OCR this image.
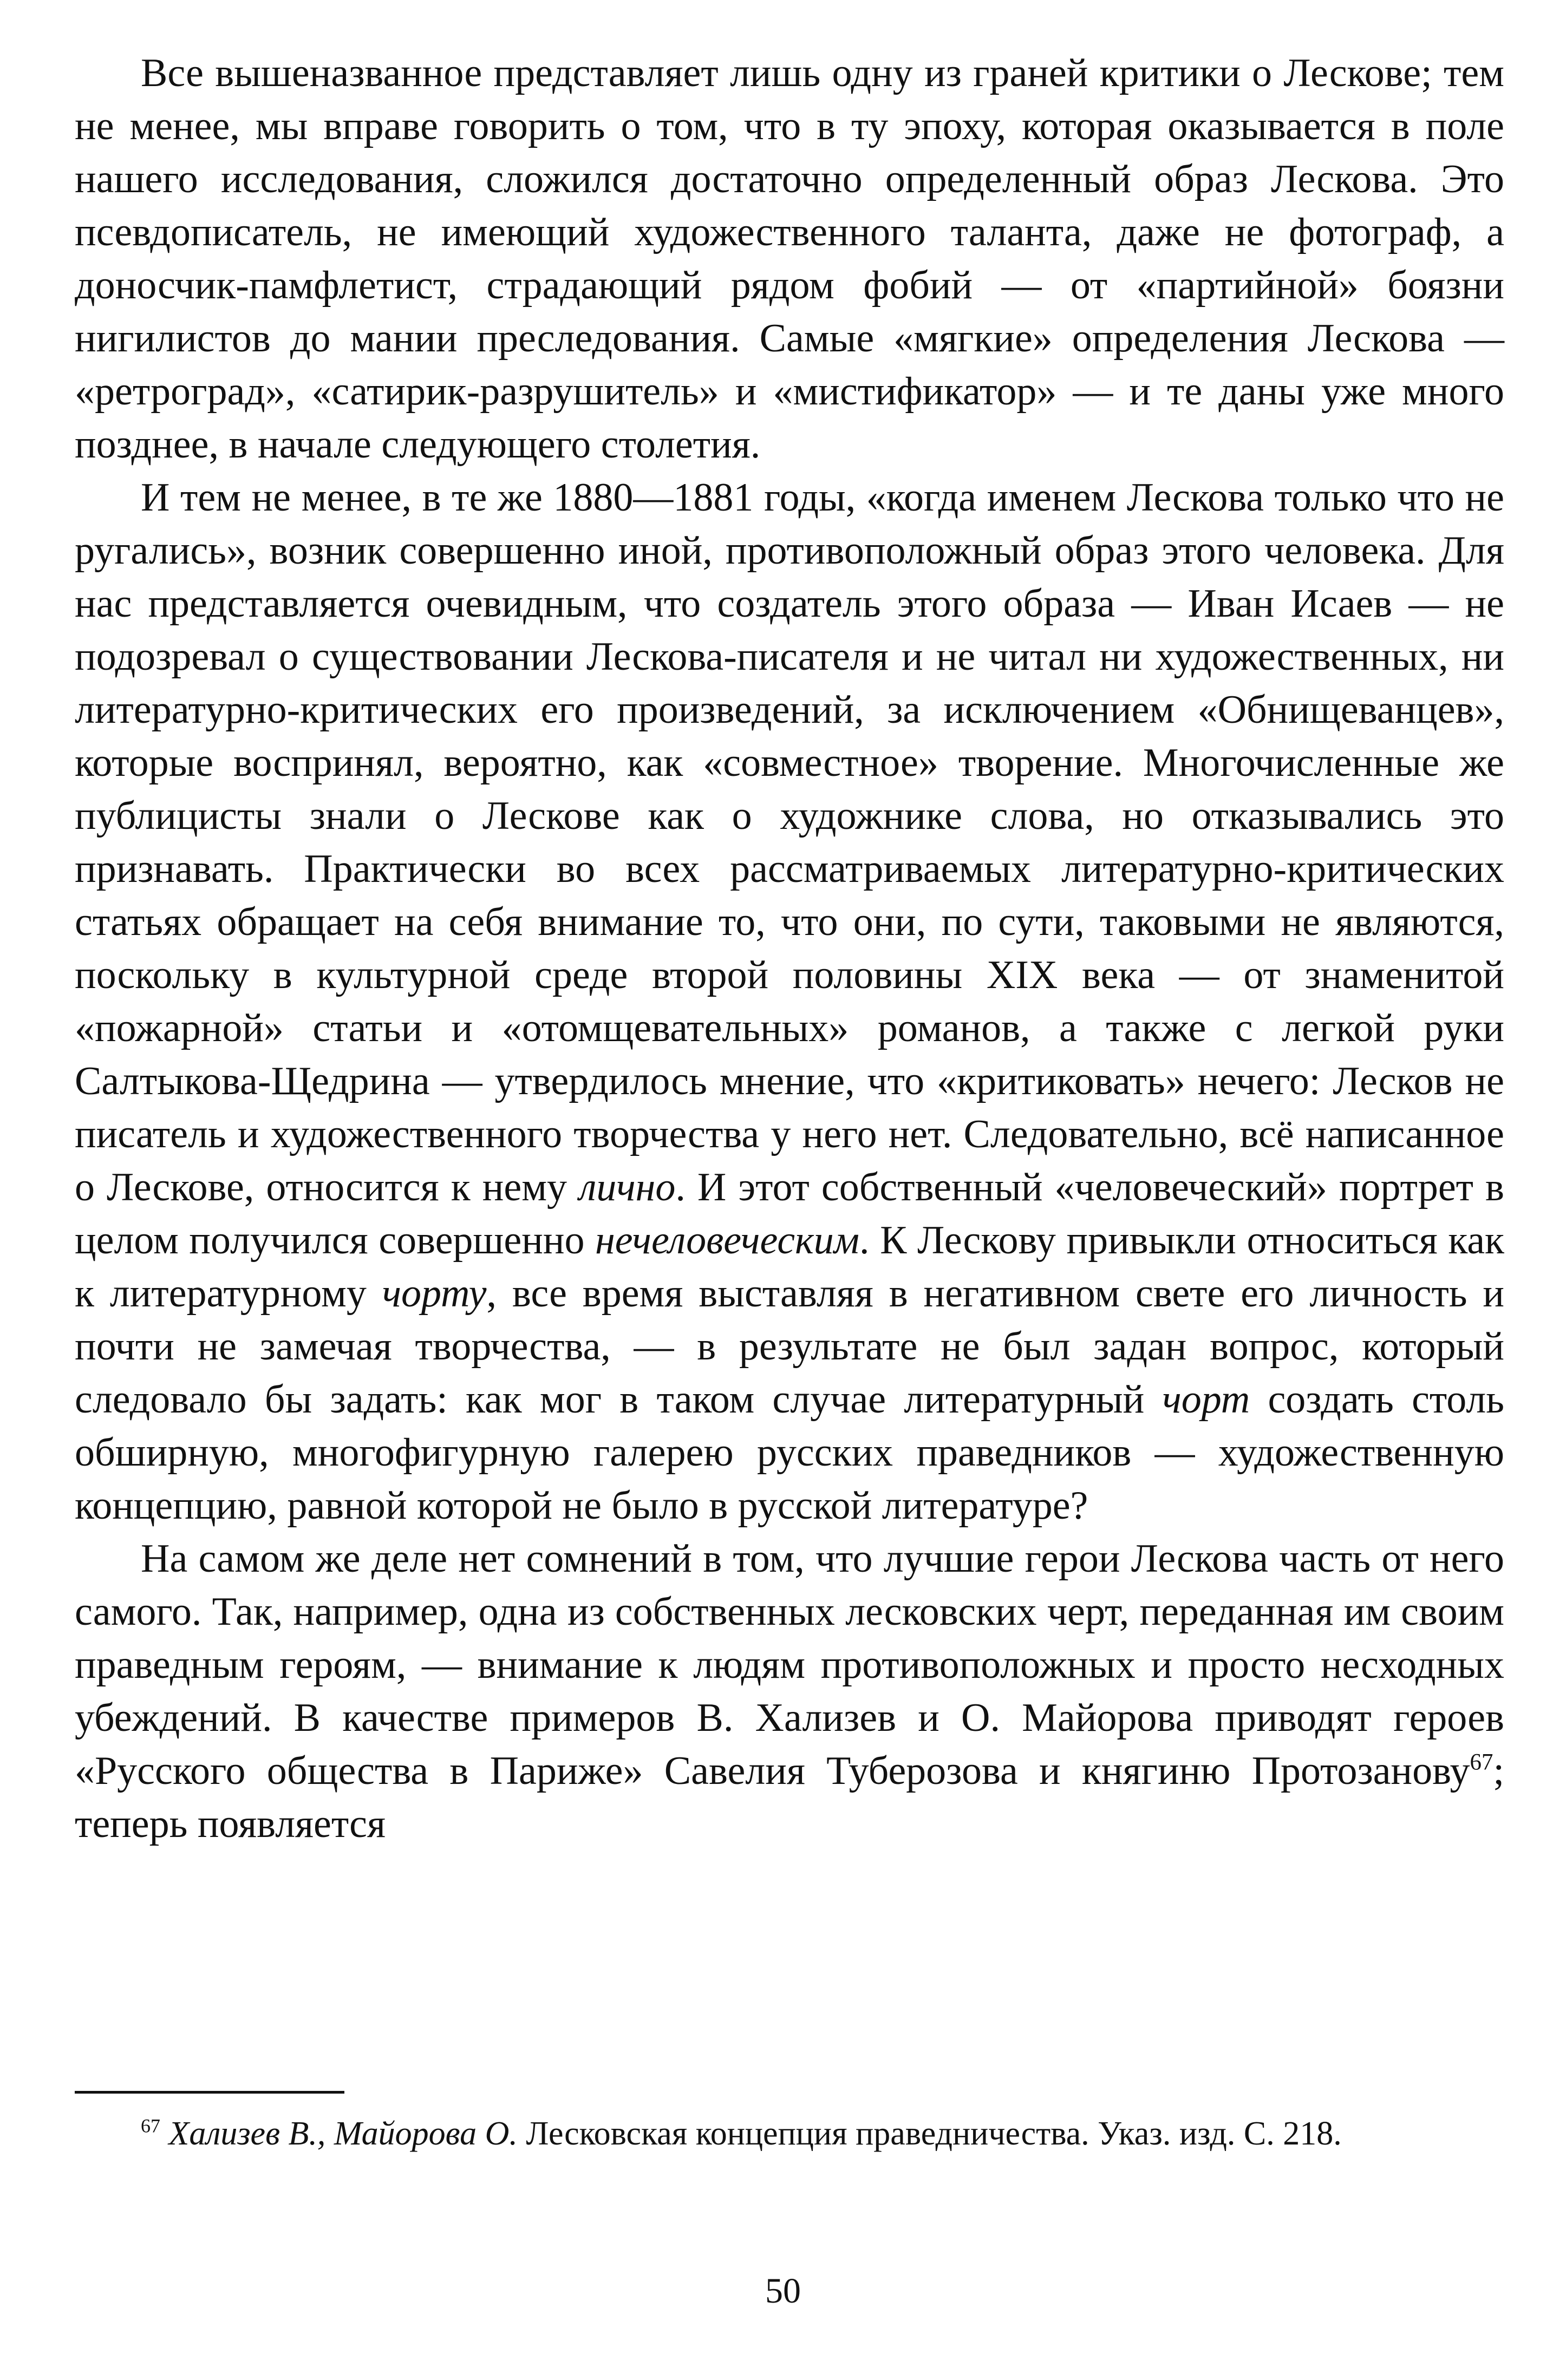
Все вышеназванное представляет лишь одну из граней критики о Лескове; тем не менее, мы вправе говорить о том, что в ту эпоху, которая оказывается в поле нашего исследования, сложился достаточно определенный образ Лескова. Это псевдописатель, не имеющий художественного таланта, даже не фотограф, а доносчик-памфлетист, страдающий рядом фобий — от «партийной» боязни нигилистов до мании преследования. Самые «мягкие» определения Лескова — «ретроград», «сатирик-разрушитель» и «мистификатор» — и те даны уже много позднее, в начале следующего столетия.

И тем не менее, в те же 1880—1881 годы, «когда именем Лескова только что не ругались», возник совершенно иной, противоположный образ этого человека. Для нас представляется очевидным, что создатель этого образа — Иван Исаев — не подозревал о существовании Лескова-писателя и не читал ни художественных, ни литературно-критических его произведений, за исключением «Обнищеванцев», которые воспринял, вероятно, как «совместное» творение. Многочисленные же публицисты знали о Лескове как о художнике слова, но отказывались это признавать. Практически во всех рассматриваемых литературно-критических статьях обращает на себя внимание то, что они, по сути, таковыми не являются, поскольку в культурной среде второй половины XIX века — от знаменитой «пожарной» статьи и «отомщевательных» романов, а также с легкой руки Салтыкова-Щедрина — утвердилось мнение, что «критиковать» нечего: Лесков не писатель и художественного творчества у него нет. Следовательно, всё написанное о Лескове, относится к нему лично. И этот собственный «человеческий» портрет в целом получился совершенно нечеловеческим. К Лескову привыкли относиться как к литературному чорту, все время выставляя в негативном свете его личность и почти не замечая творчества, — в результате не был задан вопрос, который следовало бы задать: как мог в таком случае литературный чорт создать столь обширную, многофигурную галерею русских праведников — художественную концепцию, равной которой не было в русской литературе?

На самом же деле нет сомнений в том, что лучшие герои Лескова часть от него самого. Так, например, одна из собственных лесковских черт, переданная им своим праведным героям, — внимание к людям противоположных и просто несходных убеждений. В качестве примеров В. Хализев и О. Майорова приводят героев «Русского общества в Париже» Савелия Туберозова и княгиню Протозанову$^{67}$; теперь появляется

$^{67}$ Хализев В., Майорова О. Лесковская концепция праведничества. Указ. изд. С. 218.

50
